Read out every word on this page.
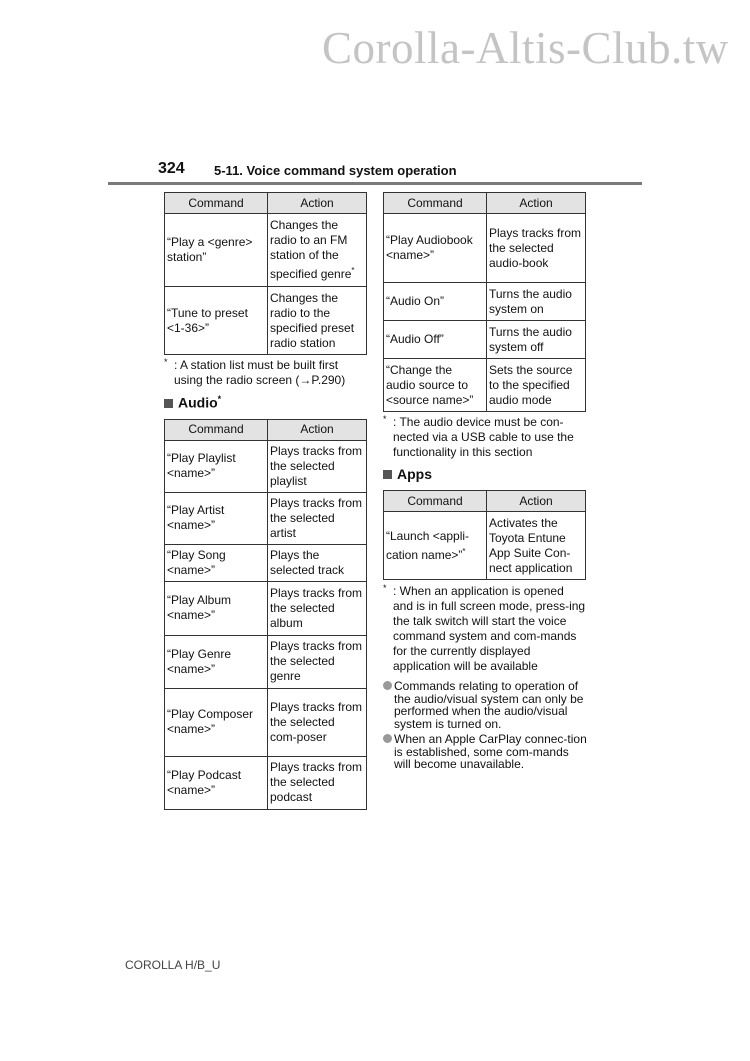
Corolla-Altis-Club.tw
324 5-11. Voice command system operation
Command	Action
“Play a <genre> station”	Changes the radio to an FM station of the specified genre*
“Tune to preset <1-36>”	Changes the radio to the specified preset radio station
* : A station list must be built first using the radio screen (→P.290)
Audio*
Command	Action
“Play Playlist <name>”	Plays tracks from the selected playlist
“Play Artist <name>”	Plays tracks from the selected artist
“Play Song <name>”	Plays the selected track
“Play Album <name>”	Plays tracks from the selected album
“Play Genre <name>”	Plays tracks from the selected genre
“Play Composer <name>”	Plays tracks from the selected com-poser
“Play Podcast <name>”	Plays tracks from the selected podcast
Command	Action
“Play Audiobook <name>”	Plays tracks from the selected audio-book
“Audio On”	Turns the audio system on
“Audio Off”	Turns the audio system off
“Change the audio source to <source name>”	Sets the source to the specified audio mode
* : The audio device must be con-nected via a USB cable to use the functionality in this section
Apps
Command	Action
“Launch <appli-cation name>”*	Activates the Toyota Entune App Suite Con-nect application
* : When an application is opened and is in full screen mode, press-ing the talk switch will start the voice command system and com-mands for the currently displayed application will be available
Commands relating to operation of the audio/visual system can only be performed when the audio/visual system is turned on.
When an Apple CarPlay connec-tion is established, some com-mands will become unavailable.
COROLLA H/B_U
